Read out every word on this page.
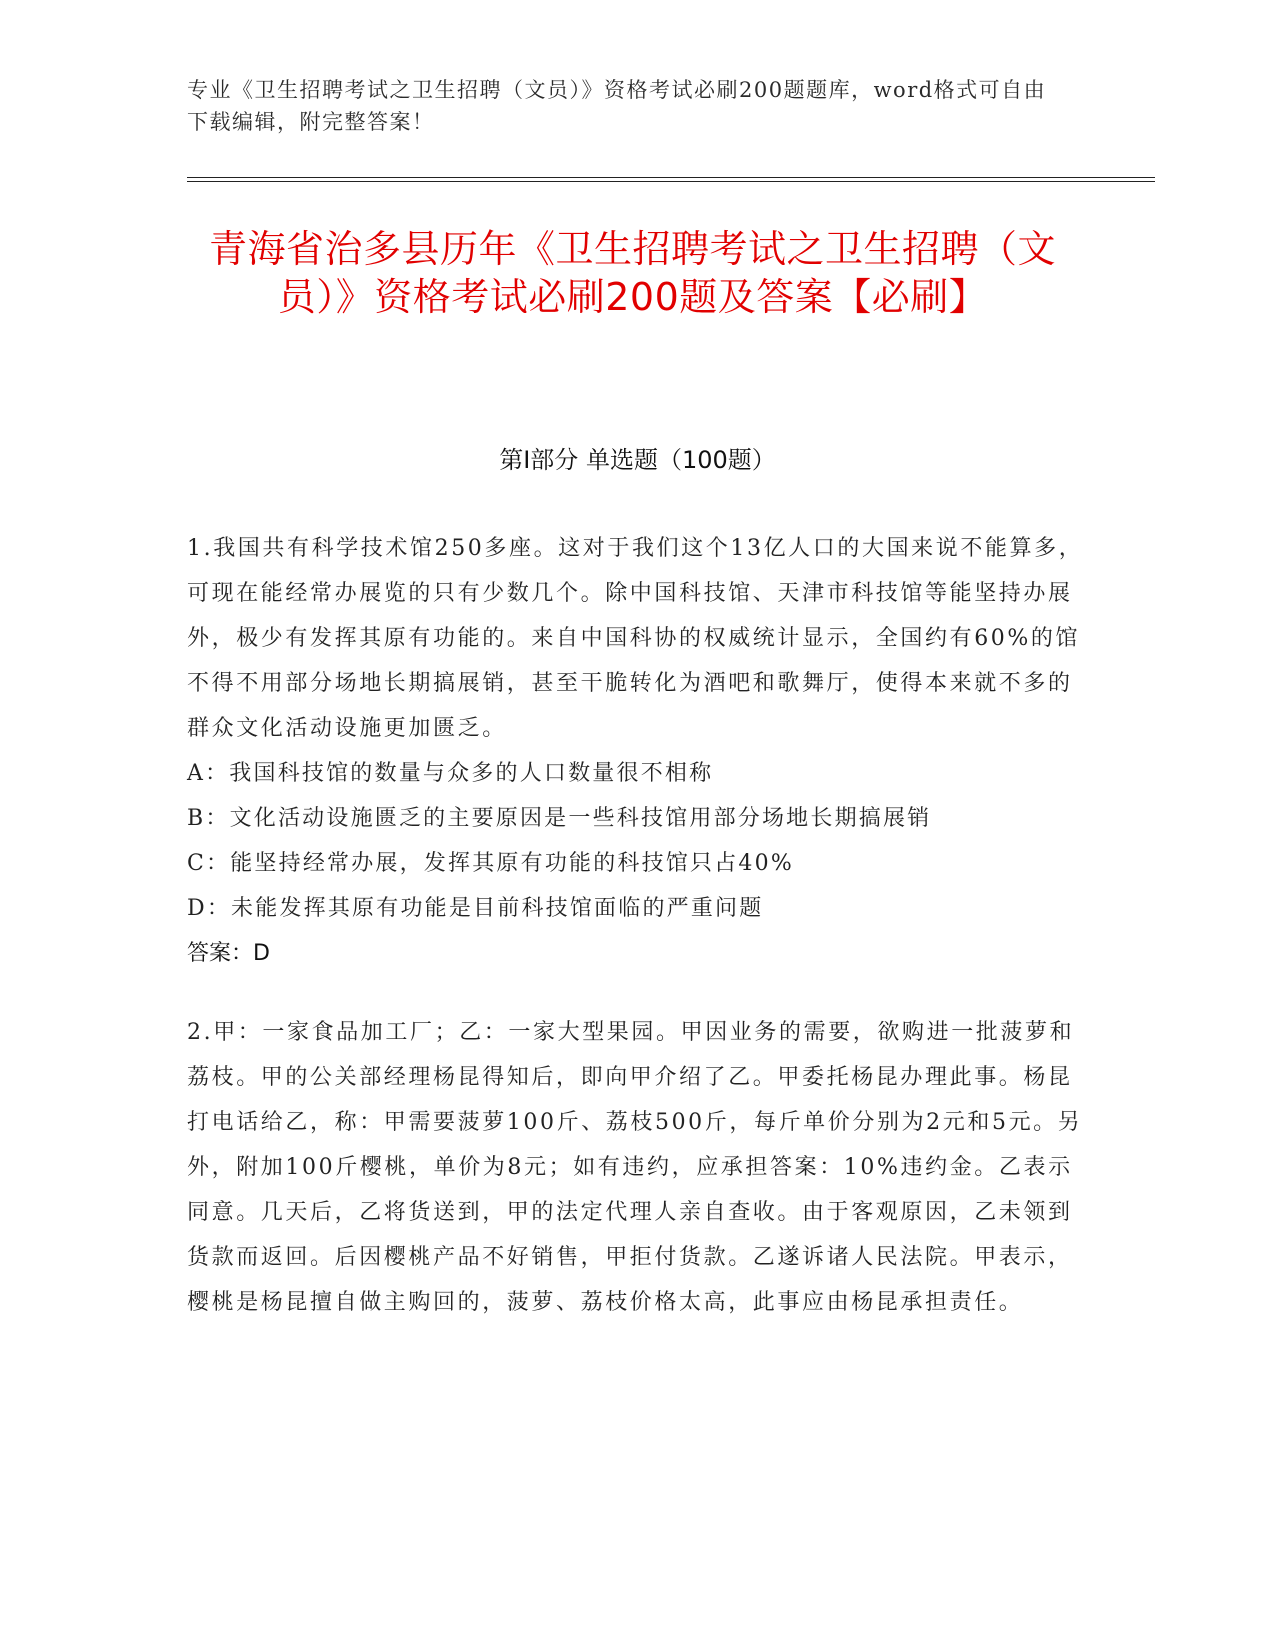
专业《卫生招聘考试之卫生招聘（文员）》资格考试必刷200题题库，word格式可自由下载编辑，附完整答案！
青海省治多县历年《卫生招聘考试之卫生招聘（文员）》资格考试必刷200题及答案【必刷】
第I部分 单选题（100题）

1.我国共有科学技术馆250多座。这对于我们这个13亿人口的大国来说不能算多，可现在能经常办展览的只有少数几个。除中国科技馆、天津市科技馆等能坚持办展外，极少有发挥其原有功能的。来自中国科协的权威统计显示，全国约有60%的馆不得不用部分场地长期搞展销，甚至干脆转化为酒吧和歌舞厅，使得本来就不多的群众文化活动设施更加匮乏。

A：我国科技馆的数量与众多的人口数量很不相称
B：文化活动设施匮乏的主要原因是一些科技馆用部分场地长期搞展销
C：能坚持经常办展，发挥其原有功能的科技馆只占40%
D：未能发挥其原有功能是目前科技馆面临的严重问题
答案：D

2.甲：一家食品加工厂；乙：一家大型果园。甲因业务的需要，欲购进一批菠萝和荔枝。甲的公关部经理杨昆得知后，即向甲介绍了乙。甲委托杨昆办理此事。杨昆打电话给乙，称：甲需要菠萝100斤、荔枝500斤，每斤单价分别为2元和5元。另外，附加100斤樱桃，单价为8元；如有违约，应承担答案：10%违约金。乙表示同意。几天后，乙将货送到，甲的法定代理人亲自查收。由于客观原因，乙未领到货款而返回。后因樱桃产品不好销售，甲拒付货款。乙遂诉诸人民法院。甲表示，樱桃是杨昆擅自做主购回的，菠萝、荔枝价格太高，此事应由杨昆承担责任。
